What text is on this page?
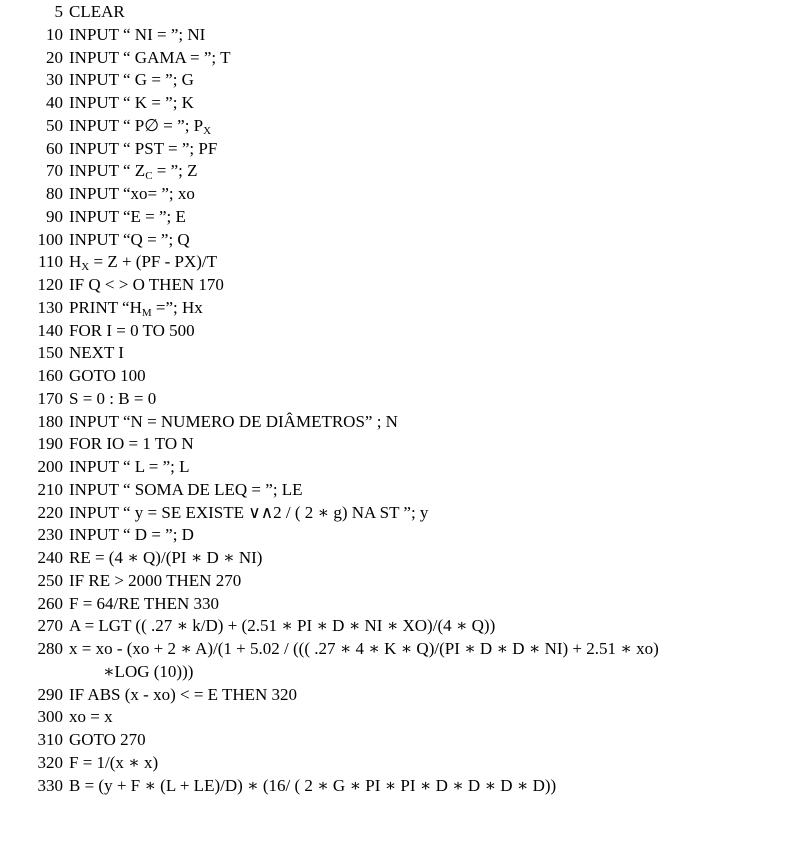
5 CLEAR
10 INPUT “ NI = ”; NI
20 INPUT “ GAMA = ”; T
30 INPUT “ G = ”; G
40 INPUT “ K = ”; K
50 INPUT “ P∅ = ”; $P_X$
60 INPUT “ PST = ”; PF
70 INPUT “ $Z_C$ = ”; Z
80 INPUT “xo= ”; xo
90 INPUT “E = ”; E
100 INPUT “Q = ”; Q
110 $H_X = Z + (PF - PX)/T$
120 IF Q < > O THEN 170
130 PRINT “$H_M$ =”; Hx
140 FOR I = 0 TO 500
150 NEXT I
160 GOTO 100
170 S = 0 : B = 0
180 INPUT “N = NUMERO DE DIÂMETROS” ; N
190 FOR IO = 1 TO N
200 INPUT “ L = ”; L
210 INPUT “ SOMA DE LEQ = ”; LE
220 INPUT “ y = SE EXISTE ∨∧2 / ( 2 ∗ g) NA ST ”; y
230 INPUT “ D = ”; D
240 RE = (4 ∗ Q)/(PI ∗ D ∗ NI)
250 IF RE > 2000 THEN 270
260 F = 64/RE THEN 330
270 A = LGT (( .27 ∗ k/D) + (2.51 ∗ PI ∗ D ∗ NI ∗ XO)/(4 ∗ Q))
280 x = xo - (xo + 2 ∗ A)/(1 + 5.02 / ((( .27 ∗ 4 ∗ K ∗ Q)/(PI ∗ D ∗ D ∗ NI) + 2.51 ∗ xo)
∗LOG (10)))
290 IF ABS (x - xo) < = E THEN 320
300 xo = x
310 GOTO 270
320 F = 1/(x ∗ x)
330 B = (y + F ∗ (L + LE)/D) ∗ (16/ ( 2 ∗ G ∗ PI ∗ PI ∗ D ∗ D ∗ D ∗ D))
